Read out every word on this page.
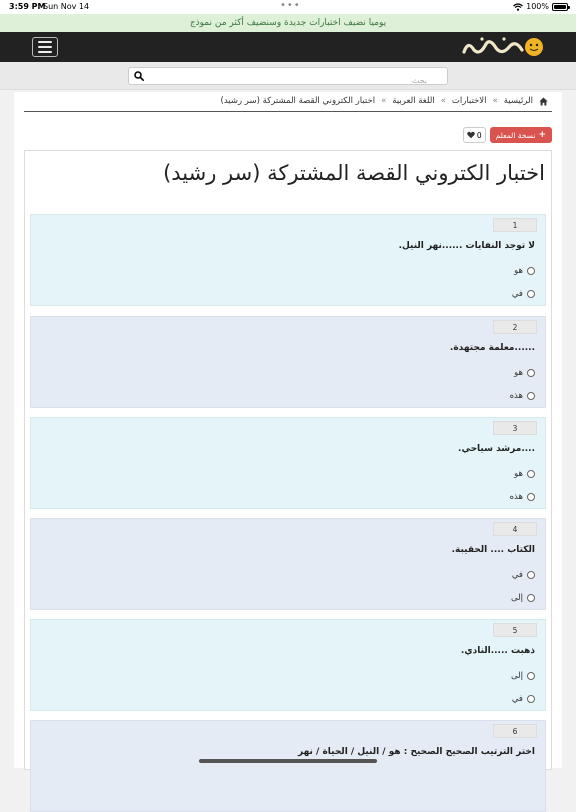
3:59 PM
Sun Nov 14	•••	100%
يوميا نضيف اختبارات جديدة وسنضيف أكثر من نموذج
بحث
الرئيسية
»
الاختبارات
»
اللغة العربية
»
اختبار الكتروني القصة المشتركة (سر رشيد)
+
نسخة المعلم
0
اختبار الكتروني القصة المشتركة (سر رشيد)
1
لا توجد النفايات ......نهر النيل.
هو
في
2
......معلمة مجتهدة.
هو
هذه
3
....مرشد سياحي.
هو
هذه
4
الكتاب .... الحقيبة.
في
إلى
5
ذهبت .....النادي.
إلى
في
6
اختر الترتيب الصحيح الصحيح : هو / النيل / الحياة / نهر
